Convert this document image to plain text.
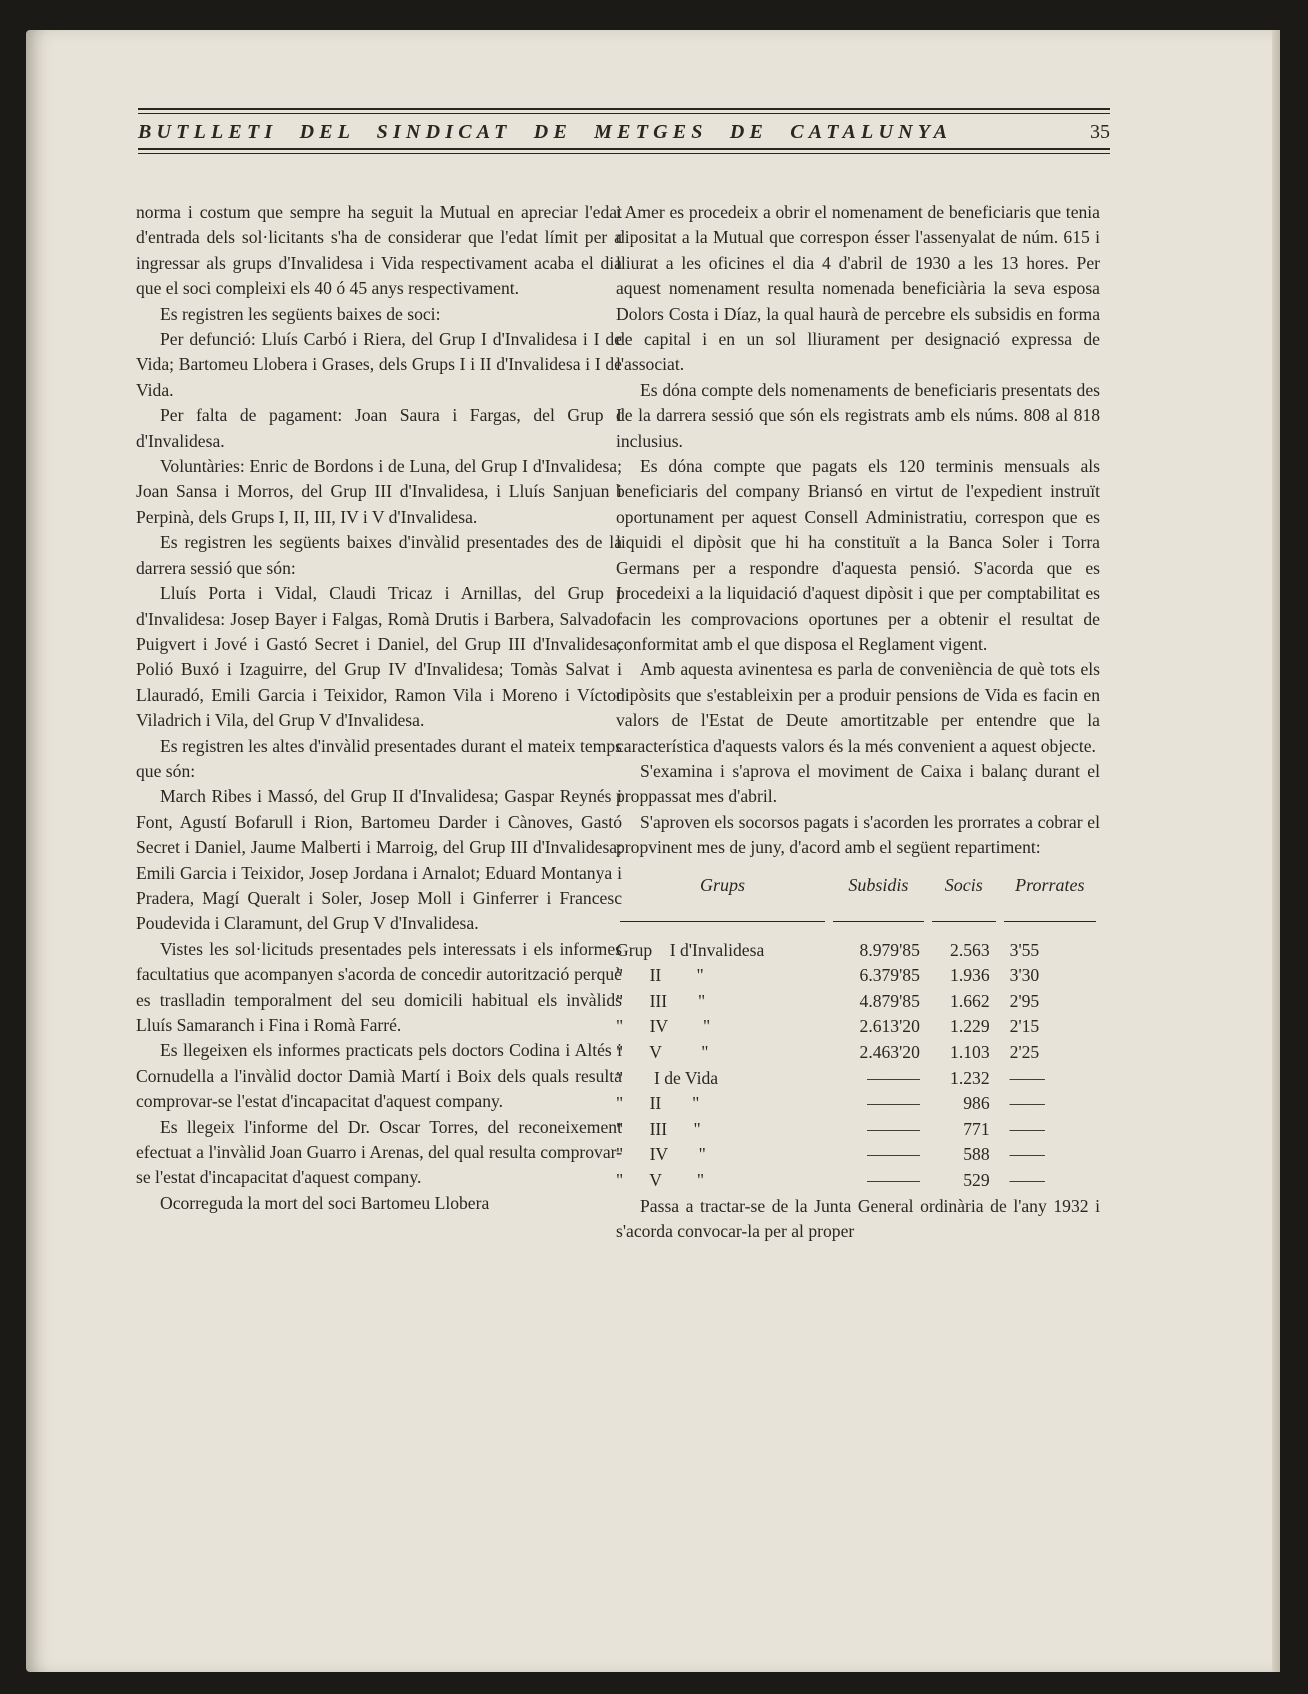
BUTLLETI DEL SINDICAT DE METGES DE CATALUNYA	35

norma i costum que sempre ha seguit la Mutual en apreciar l'edat d'entrada dels sol·licitants s'ha de considerar que l'edat límit per a ingressar als grups d'Invalidesa i Vida respectivament acaba el dia que el soci compleixi els 40 ó 45 anys respectivament.

Es registren les següents baixes de soci:

Per defunció: Lluís Carbó i Riera, del Grup I d'Invalidesa i I de Vida; Bartomeu Llobera i Grases, dels Grups I i II d'Invalidesa i I de Vida.

Per falta de pagament: Joan Saura i Fargas, del Grup I d'Invalidesa.

Voluntàries: Enric de Bordons i de Luna, del Grup I d'Invalidesa; Joan Sansa i Morros, del Grup III d'Invalidesa, i Lluís Sanjuan i Perpinà, dels Grups I, II, III, IV i V d'Invalidesa.

Es registren les següents baixes d'invàlid presentades des de la darrera sessió que són:

Lluís Porta i Vidal, Claudi Tricaz i Arnillas, del Grup I d'Invalidesa: Josep Bayer i Falgas, Romà Drutis i Barbera, Salvador Puigvert i Jové i Gastó Secret i Daniel, del Grup III d'Invalidesa; Polió Buxó i Izaguirre, del Grup IV d'Invalidesa; Tomàs Salvat i Llauradó, Emili Garcia i Teixidor, Ramon Vila i Moreno i Víctor Viladrich i Vila, del Grup V d'Invalidesa.

Es registren les altes d'invàlid presentades durant el mateix temps que són:

March Ribes i Massó, del Grup II d'Invalidesa; Gaspar Reynés i Font, Agustí Bofarull i Rion, Bartomeu Darder i Cànoves, Gastó Secret i Daniel, Jaume Malberti i Marroig, del Grup III d'Invalidesa; Emili Garcia i Teixidor, Josep Jordana i Arnalot; Eduard Montanya i Pradera, Magí Queralt i Soler, Josep Moll i Ginferrer i Francesc Poudevida i Claramunt, del Grup V d'Invalidesa.

Vistes les sol·licituds presentades pels interessats i els informes facultatius que acompanyen s'acorda de concedir autorització perquè es traslladin temporalment del seu domicili habitual els invàlids Lluís Samaranch i Fina i Romà Farré.

Es llegeixen els informes practicats pels doctors Codina i Altés i Cornudella a l'invàlid doctor Damià Martí i Boix dels quals resulta comprovar-se l'estat d'incapacitat d'aquest company.

Es llegeix l'informe del Dr. Oscar Torres, del reconeixement efectuat a l'invàlid Joan Guarro i Arenas, del qual resulta comprovar-se l'estat d'incapacitat d'aquest company.

Ocorreguda la mort del soci Bartomeu Llobera

i Amer es procedeix a obrir el nomenament de beneficiaris que tenia dipositat a la Mutual que correspon ésser l'assenyalat de núm. 615 i lliurat a les oficines el dia 4 d'abril de 1930 a les 13 hores. Per aquest nomenament resulta nomenada beneficiària la seva esposa Dolors Costa i Díaz, la qual haurà de percebre els subsidis en forma de capital i en un sol lliurament per designació expressa de l'associat.

Es dóna compte dels nomenaments de beneficiaris presentats des de la darrera sessió que són els registrats amb els núms. 808 al 818 inclusius.

Es dóna compte que pagats els 120 terminis mensuals als beneficiaris del company Briansó en virtut de l'expedient instruït oportunament per aquest Consell Administratiu, correspon que es liquidi el dipòsit que hi ha constituït a la Banca Soler i Torra Germans per a respondre d'aquesta pensió. S'acorda que es procedeixi a la liquidació d'aquest dipòsit i que per comptabilitat es facin les comprovacions oportunes per a obtenir el resultat de conformitat amb el que disposa el Reglament vigent.

Amb aquesta avinentesa es parla de conveniència de què tots els dipòsits que s'estableixin per a produir pensions de Vida es facin en valors de l'Estat de Deute amortitzable per entendre que la característica d'aquests valors és la més convenient a aquest objecte.

S'examina i s'aprova el moviment de Caixa i balanç durant el proppassat mes d'abril.

S'aproven els socorsos pagats i s'acorden les prorrates a cobrar el propvinent mes de juny, d'acord amb el següent repartiment:

Grups	Subsidis	Socis	Prorrates

Grup    I d'Invalidesa	8.979'85	2.563	3'55
"      II        "	6.379'85	1.936	3'30
"      III       "	4.879'85	1.662	2'95
"      IV        "	2.613'20	1.229	2'15
"      V         "	2.463'20	1.103	2'25
"       I de Vida	———	1.232	——
"      II       "	———	986	——
"      III      "	———	771	——
"      IV       "	———	588	——
"      V        "	———	529	——

Passa a tractar-se de la Junta General ordinària de l'any 1932 i s'acorda convocar-la per al proper
